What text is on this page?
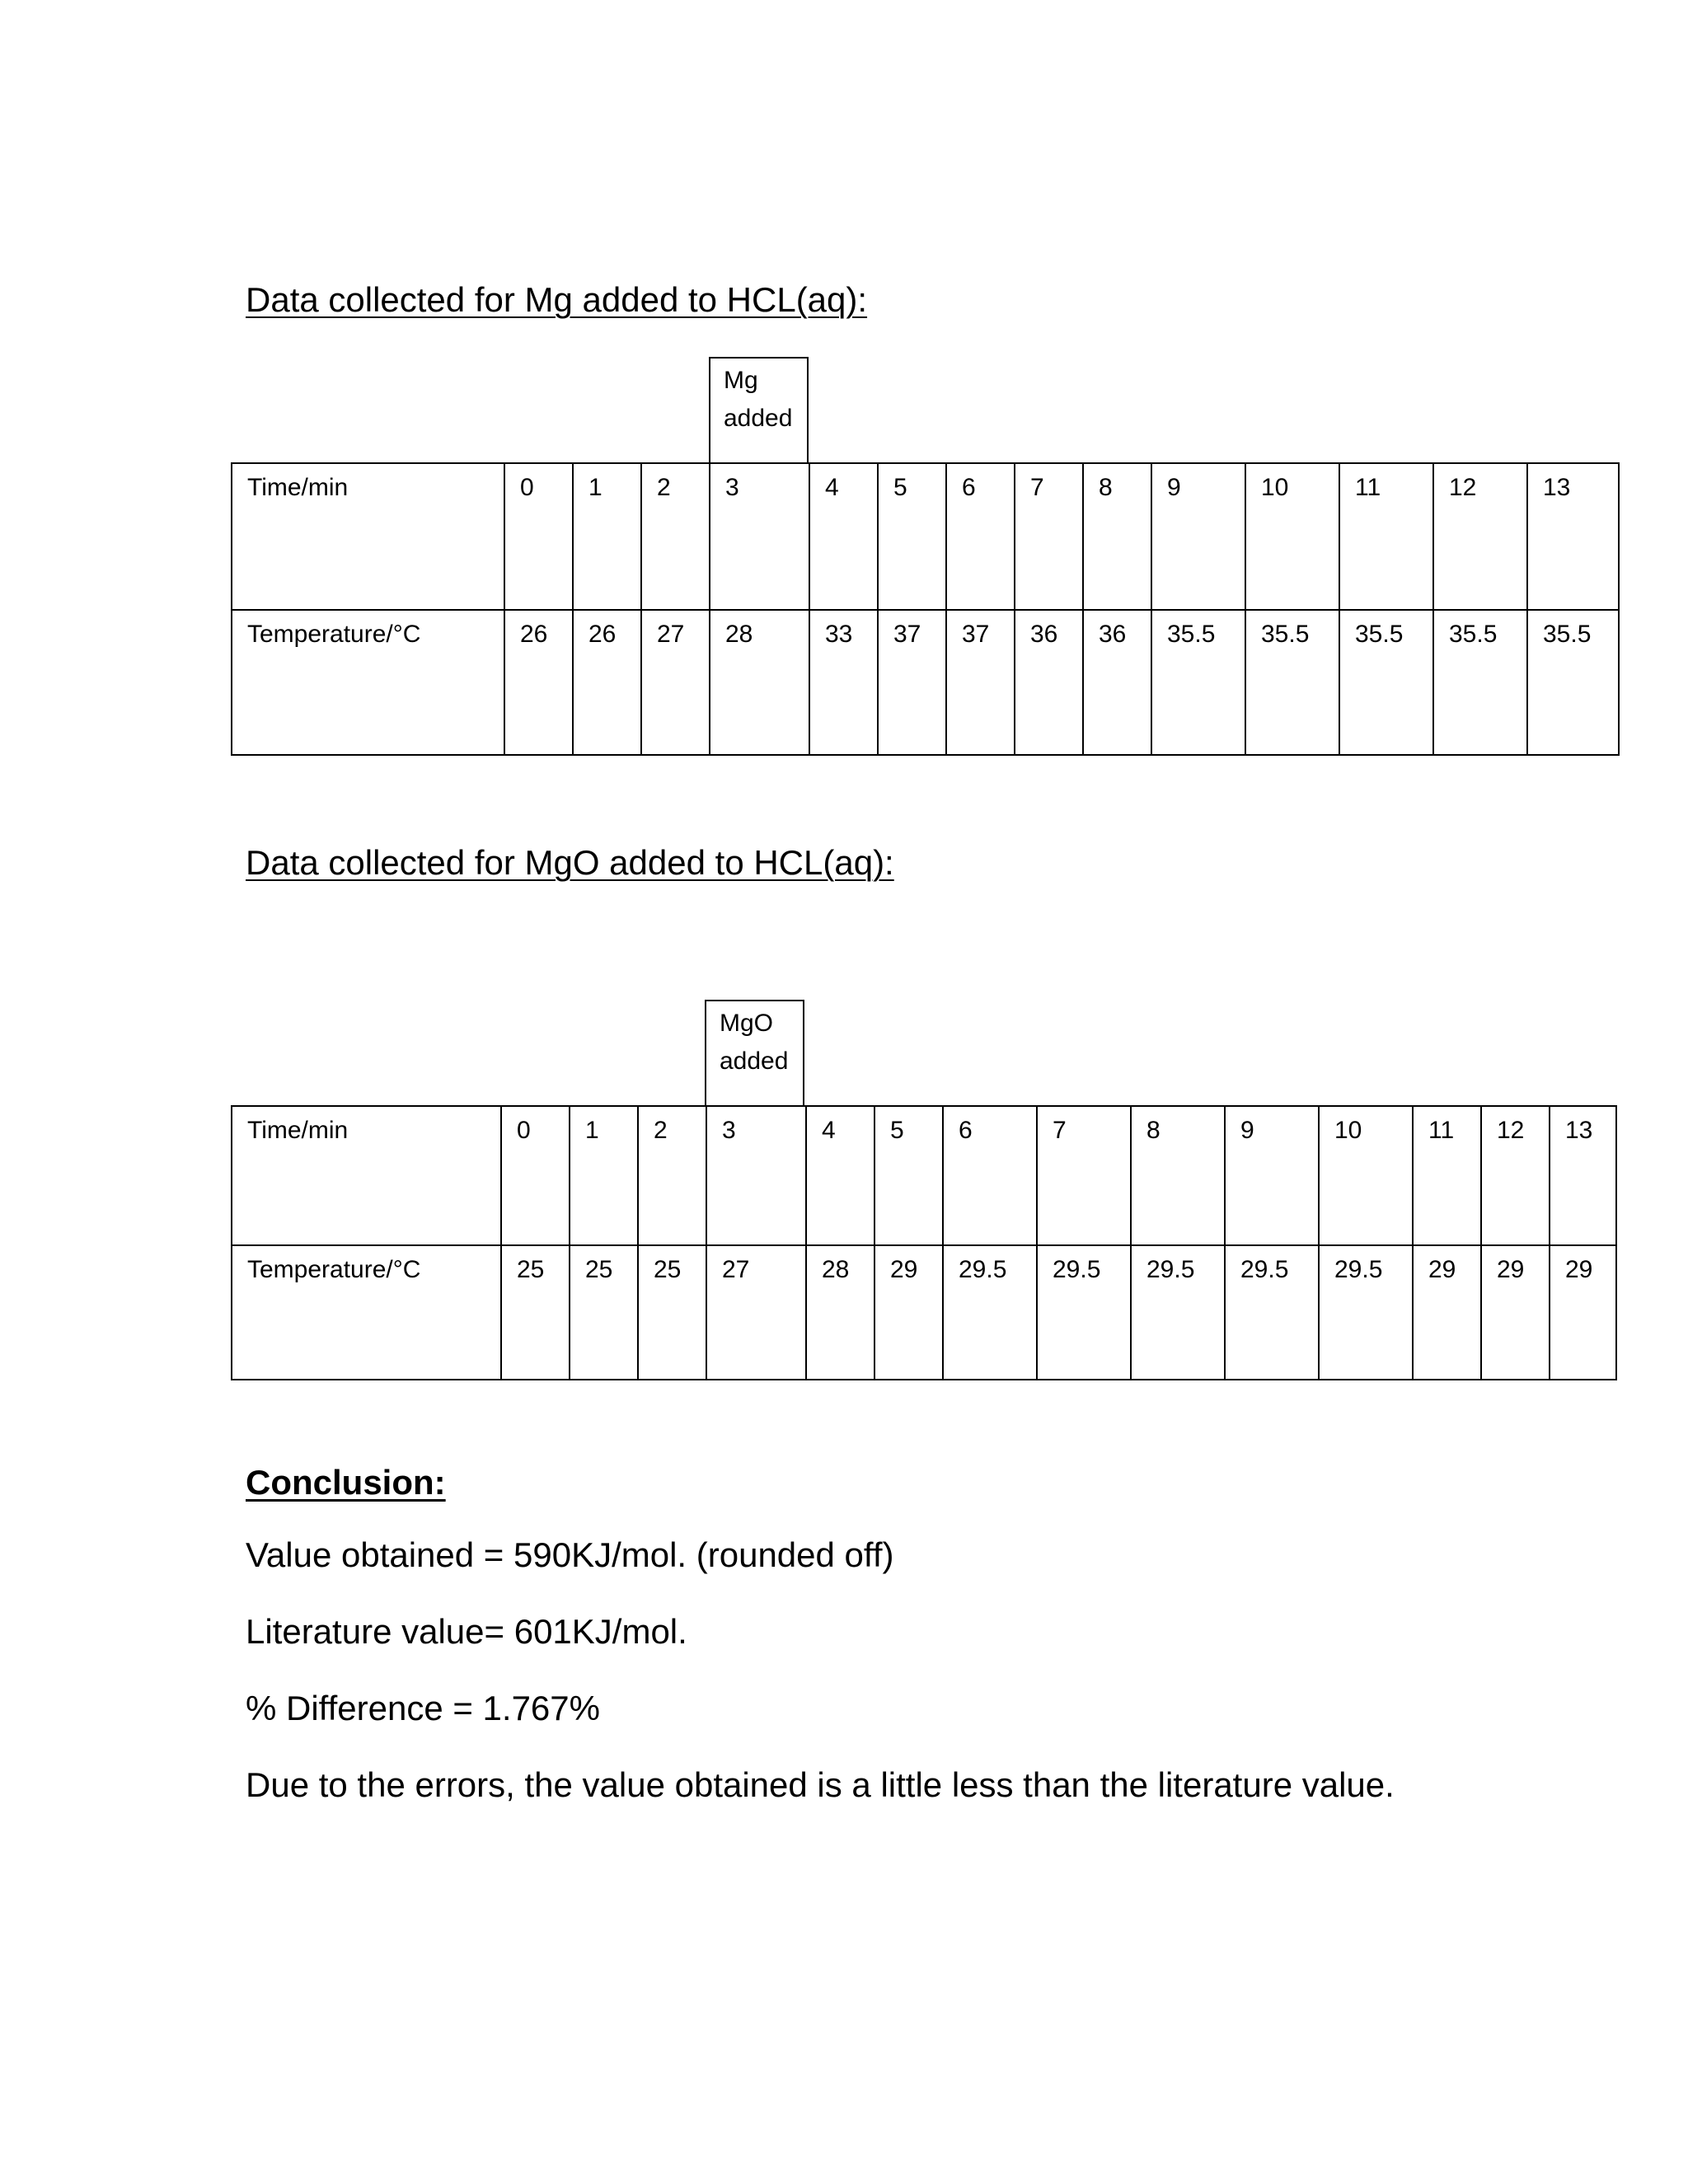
Data collected for Mg added to HCL(aq):
Mg
added
Time/min	0	1	2	3	4	5	6	7	8	9	10	11	12	13

Temperature/°C	26	26	27	28	33	37	37	36	36	35.5	35.5	35.5	35.5	35.5
Data collected for MgO added to HCL(aq):
MgO
added
Time/min	0	1	2	3	4	5	6	7	8	9	10	11	12	13

Temperature/°C	25	25	25	27	28	29	29.5	29.5	29.5	29.5	29.5	29	29	29

Conclusion:

Value obtained = 590KJ/mol. (rounded off)

Literature value= 601KJ/mol.

% Difference = 1.767%

Due to the errors, the value obtained is a little less than the literature value.
